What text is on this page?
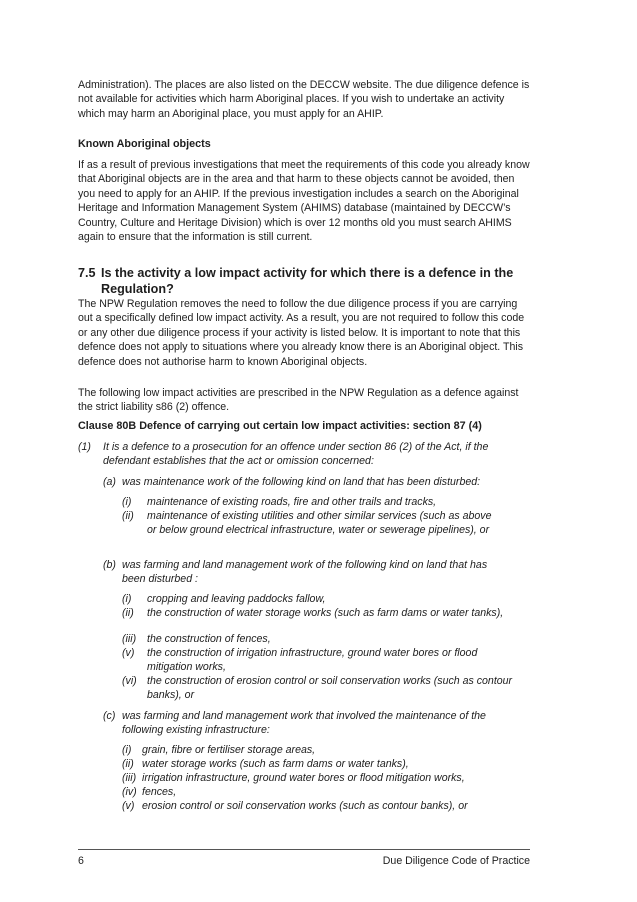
Administration). The places are also listed on the DECCW website. The due diligence defence is not available for activities which harm Aboriginal places. If you wish to undertake an activity which may harm an Aboriginal place, you must apply for an AHIP.

Known Aboriginal objects

If as a result of previous investigations that meet the requirements of this code you already know that Aboriginal objects are in the area and that harm to these objects cannot be avoided, then you need to apply for an AHIP. If the previous investigation includes a search on the Aboriginal Heritage and Information Management System (AHIMS) database (maintained by DECCW’s Country, Culture and Heritage Division) which is over 12 months old you must search AHIMS again to ensure that the information is still current.

7.5 Is the activity a low impact activity for which there is a defence in the Regulation?

The NPW Regulation removes the need to follow the due diligence process if you are carrying out a specifically defined low impact activity. As a result, you are not required to follow this code or any other due diligence process if your activity is listed below. It is important to note that this defence does not apply to situations where you already know there is an Aboriginal object. This defence does not authorise harm to known Aboriginal objects.

The following low impact activities are prescribed in the NPW Regulation as a defence against the strict liability s86 (2) offence.

Clause 80B Defence of carrying out certain low impact activities: section 87 (4)
(1)	It is a defence to a prosecution for an offence under section 86 (2) of the Act, if the defendant establishes that the act or omission concerned:
(a) was maintenance work of the following kind on land that has been disturbed:
(i)	maintenance of existing roads, fire and other trails and tracks,
(ii)	maintenance of existing utilities and other similar services (such as above or below ground electrical infrastructure, water or sewerage pipelines), or
(b) was farming and land management work of the following kind on land that has been disturbed :
(i)	cropping and leaving paddocks fallow,
(ii)	the construction of water storage works (such as farm dams or water tanks),
(iii)	the construction of fences,
(v)	the construction of irrigation infrastructure, ground water bores or flood mitigation works,
(vi) the construction of erosion control or soil conservation works (such as contour banks), or
(c) was farming and land management work that involved the maintenance of the following existing infrastructure:
(i) grain, fibre or fertiliser storage areas,
(ii) water storage works (such as farm dams or water tanks),
(iii) irrigation infrastructure, ground water bores or flood mitigation works,
(iv) fences,
(v) erosion control or soil conservation works (such as contour banks), or
6	Due Diligence Code of Practice
